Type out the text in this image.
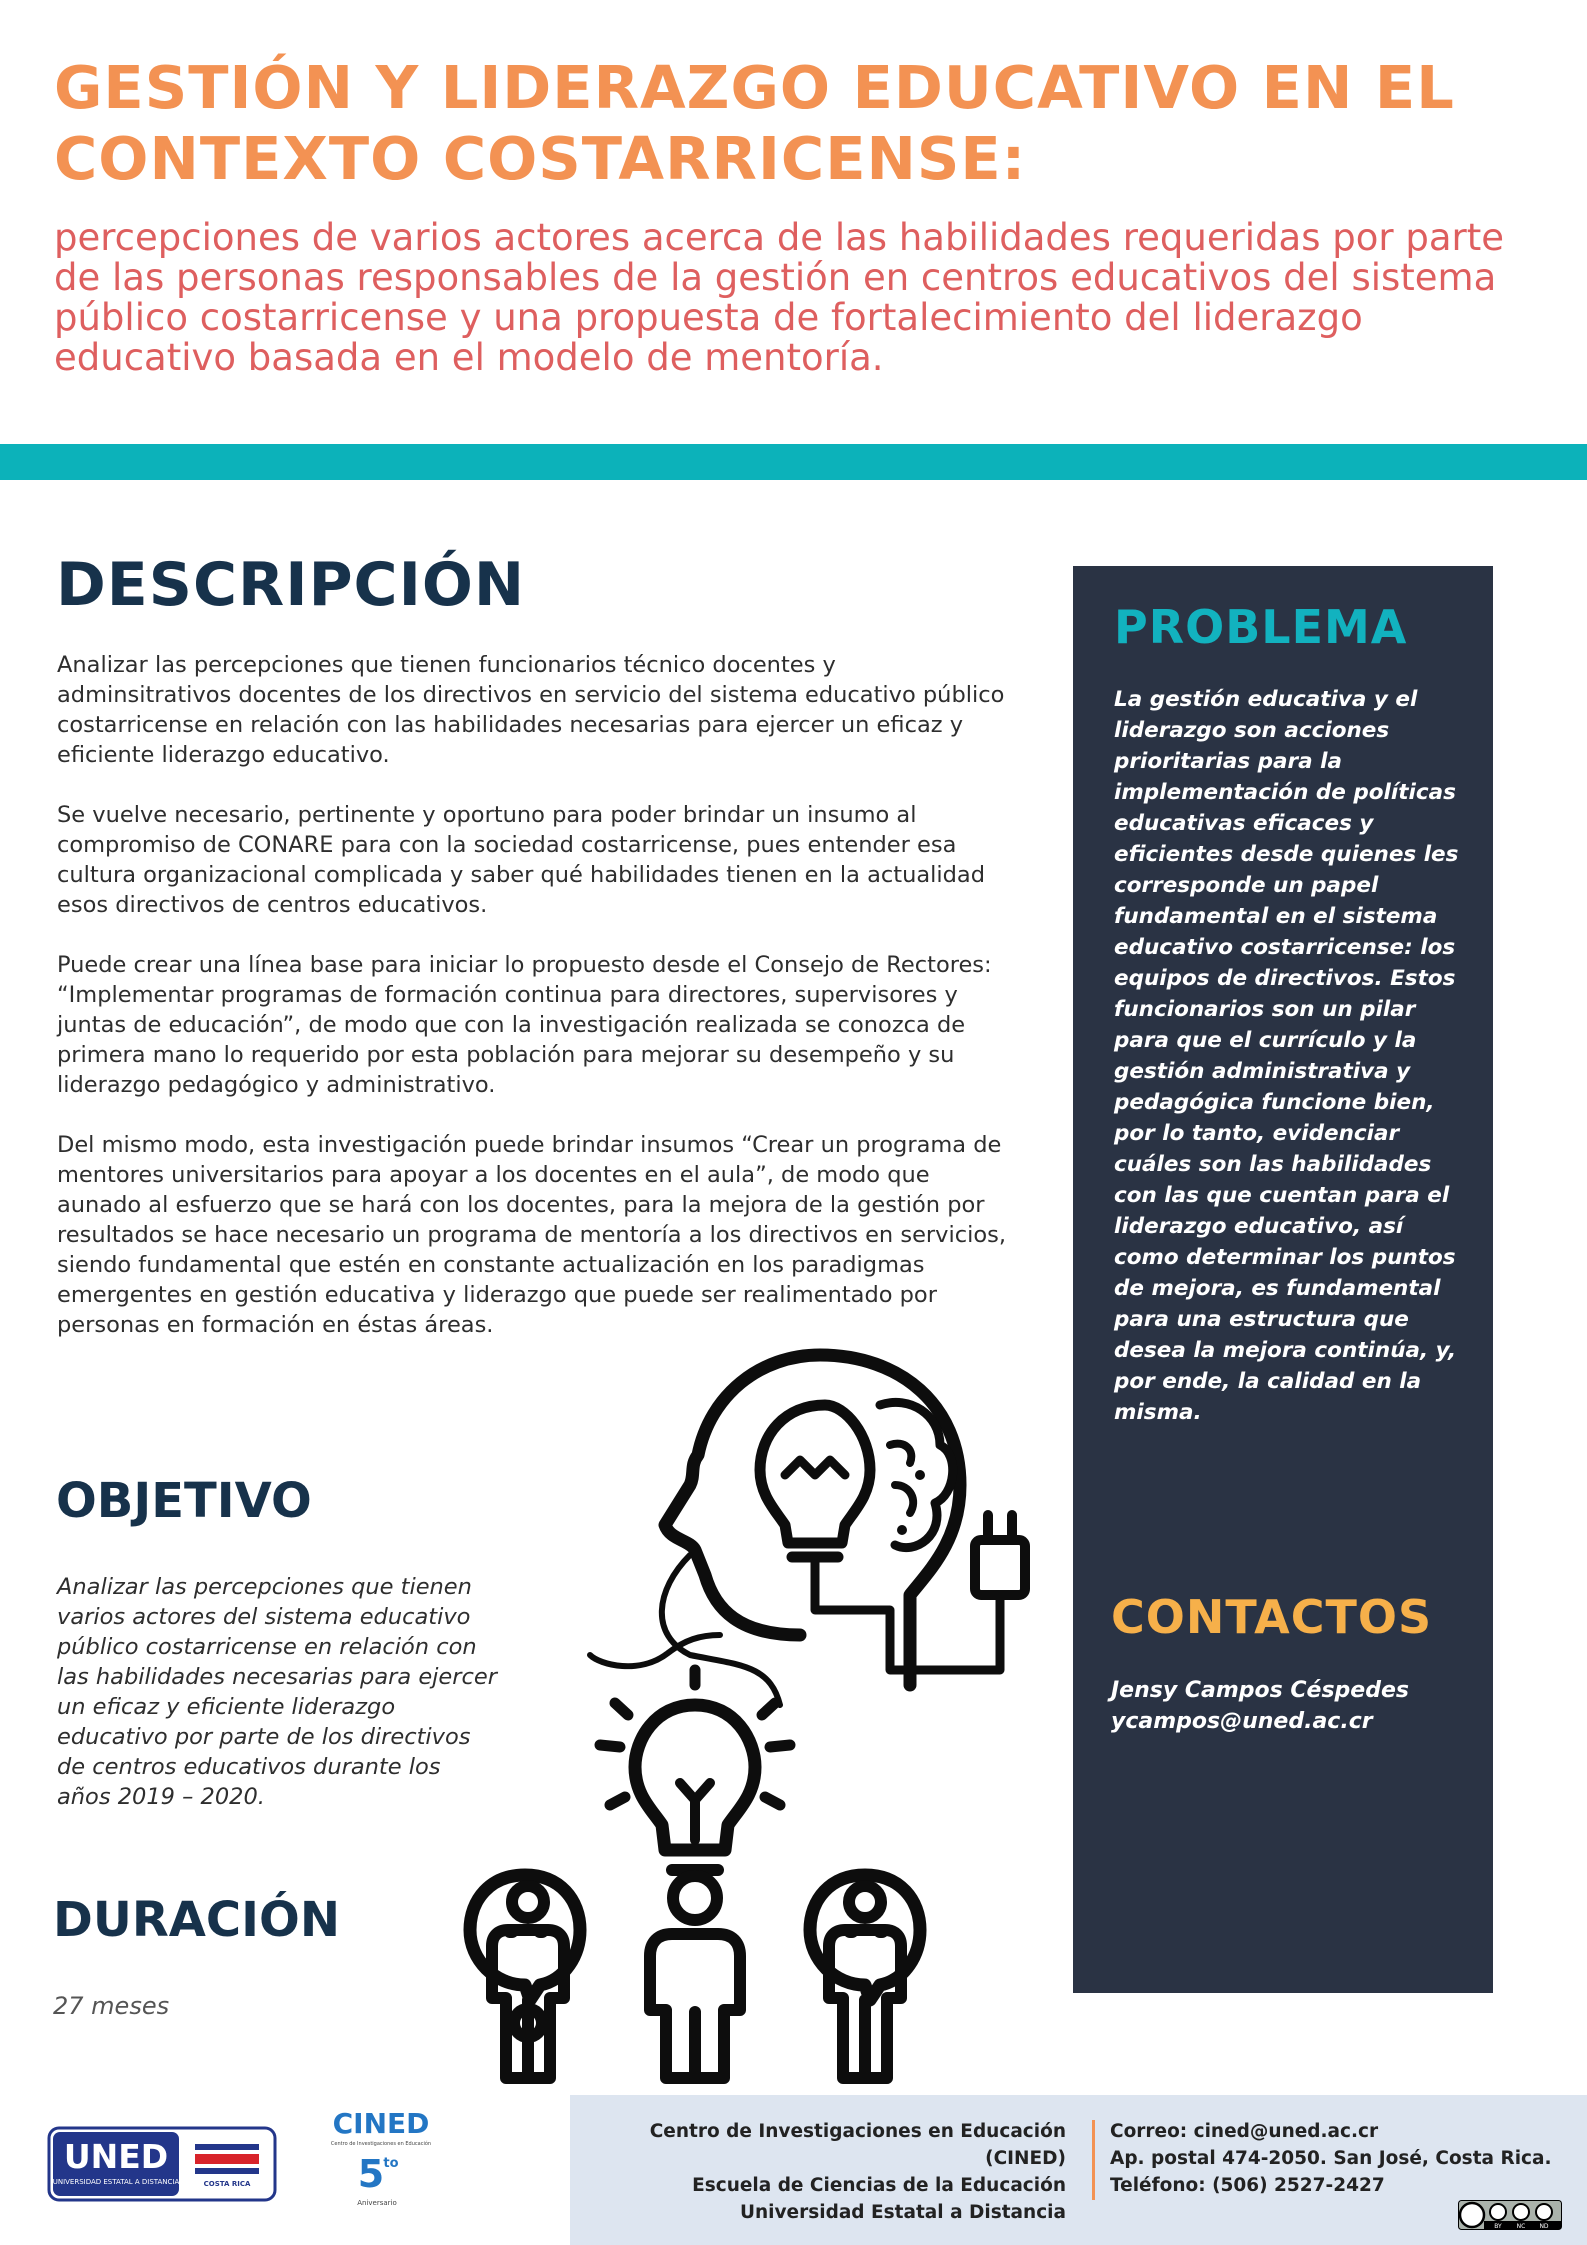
GESTIÓN Y LIDERAZGO EDUCATIVO EN EL
CONTEXTO COSTARRICENSE:

percepciones de varios actores acerca de las habilidades requeridas por parte de las personas responsables de la gestión en centros educativos del sistema público costarricense y una propuesta de fortalecimiento del liderazgo educativo basada en el modelo de mentoría.

DESCRIPCIÓN

Analizar las percepciones que tienen funcionarios técnico docentes y adminsitrativos docentes de los directivos en servicio del sistema educativo público costarricense en relación con las habilidades necesarias para ejercer un eficaz y eficiente liderazgo educativo.

Se vuelve necesario, pertinente y oportuno para poder brindar un insumo al compromiso de CONARE para con la sociedad costarricense, pues entender esa cultura organizacional complicada y saber qué habilidades tienen en la actualidad esos directivos de centros educativos.

Puede crear una línea base para iniciar lo propuesto desde el Consejo de Rectores: “Implementar programas de formación continua para directores, supervisores y juntas de educación”, de modo que con la investigación realizada se conozca de primera mano lo requerido por esta población para mejorar su desempeño y su liderazgo pedagógico y administrativo.

Del mismo modo, esta investigación puede brindar insumos “Crear un programa de mentores universitarios para apoyar a los docentes en el aula”, de modo que aunado al esfuerzo que se hará con los docentes, para la mejora de la gestión por resultados se hace necesario un programa de mentoría a los directivos en servicios, siendo fundamental que estén en constante actualización en los paradigmas emergentes en gestión educativa y liderazgo que puede ser realimentado por personas en formación en éstas áreas.

OBJETIVO

Analizar las percepciones que tienen varios actores del sistema educativo público costarricense en relación con las habilidades necesarias para ejercer un eficaz y eficiente liderazgo educativo por parte de los directivos de centros educativos durante los años 2019 – 2020.

DURACIÓN
27 meses
PROBLEMA

La gestión educativa y el liderazgo son acciones prioritarias para la implementación de políticas educativas eficaces y eficientes desde quienes les corresponde un papel fundamental en el sistema educativo costarricense: los equipos de directivos. Estos funcionarios son un pilar para que el currículo y la gestión administrativa y pedagógica funcione bien, por lo tanto, evidenciar cuáles son las habilidades con las que cuentan para el liderazgo educativo, así como determinar los puntos de mejora, es fundamental para una estructura que desea la mejora continúa, y, por ende, la calidad en la misma.

CONTACTOS
Jensy Campos Céspedes
ycampos@uned.ac.cr
Centro de Investigaciones en Educación (CINED)
Escuela de Ciencias de la Educación
Universidad Estatal a Distancia
Correo: cined@uned.ac.cr
Ap. postal 474-2050. San José, Costa Rica.
Teléfono: (506) 2527-2427
UNED
UNIVERSIDAD ESTATAL A DISTANCIA	COSTA RICA
CINED
Centro de Investigaciones en Educación
5 to
Aniversario
BY NC ND
